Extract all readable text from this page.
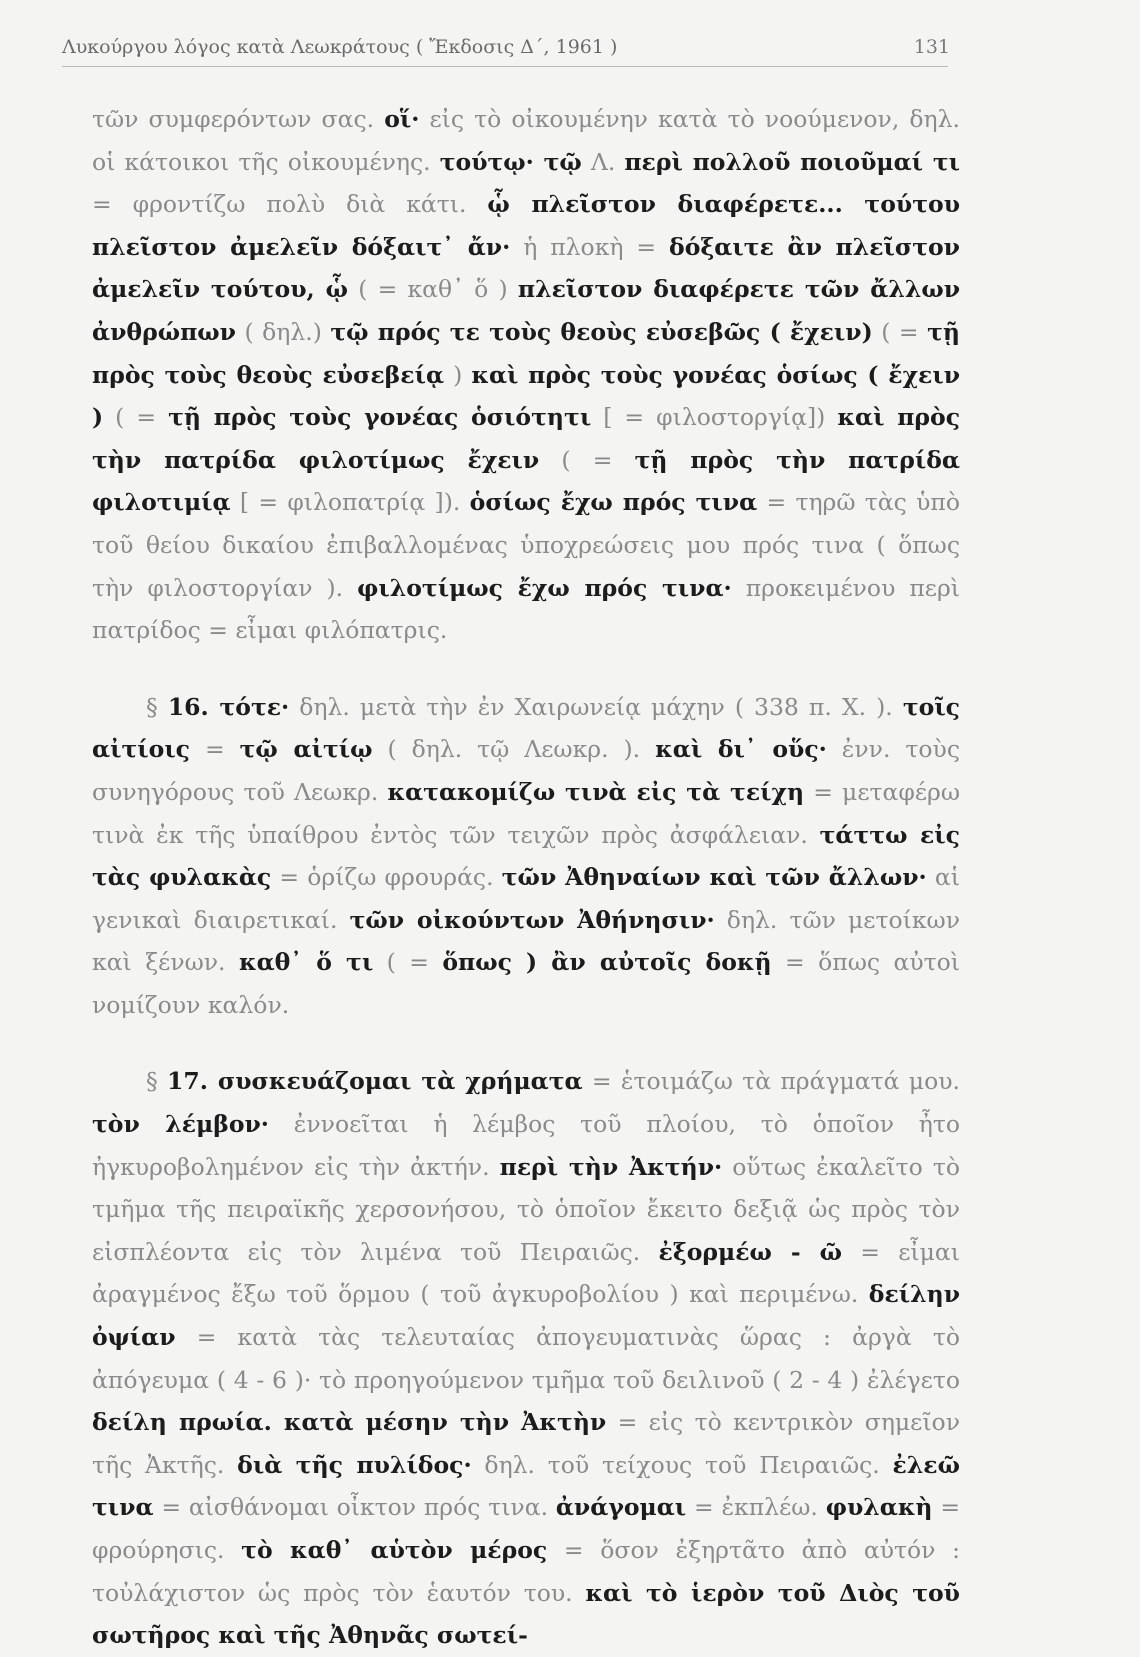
Λυκούργου λόγος κατὰ Λεωκράτους ( Ἔκδοσις Δ΄, 1961 )	131

τῶν συμφερόντων σας. οἵ· εἰς τὸ οἰκουμένην κατὰ τὸ νοούμενον, δηλ. οἱ κάτοικοι τῆς οἰκουμένης. τούτῳ· τῷ Λ. περὶ πολλοῦ ποιοῦμαί τι = φροντίζω πολὺ διὰ κάτι. ᾧ πλεῖστον διαφέρετε... τούτου πλεῖστον ἀμελεῖν δόξαιτ᾽ ἄν· ἡ πλοκὴ = δόξαιτε ἂν πλεῖστον ἀμελεῖν τούτου, ᾧ ( = καθ᾽ ὅ ) πλεῖστον διαφέρετε τῶν ἄλλων ἀνθρώπων ( δηλ.) τῷ πρός τε τοὺς θεοὺς εὐσεβῶς ( ἔχειν) ( = τῇ πρὸς τοὺς θεοὺς εὐσεβείᾳ ) καὶ πρὸς τοὺς γονέας ὁσίως ( ἔχειν ) ( = τῇ πρὸς τοὺς γονέας ὁσιότητι [ = φιλοστοργίᾳ]) καὶ πρὸς τὴν πατρίδα φιλοτίμως ἔχειν ( = τῇ πρὸς τὴν πατρίδα φιλοτιμίᾳ [ = φιλοπατρίᾳ ]). ὁσίως ἔχω πρός τινα = τηρῶ τὰς ὑπὸ τοῦ θείου δικαίου ἐπιβαλλομένας ὑποχρεώσεις μου πρός τινα ( ὅπως τὴν φιλοστοργίαν ). φιλοτίμως ἔχω πρός τινα· προκειμένου περὶ πατρίδος = εἶμαι φιλόπατρις.

§ 16. τότε· δηλ. μετὰ τὴν ἐν Χαιρωνείᾳ μάχην ( 338 π. Χ. ). τοῖς αἰτίοις = τῷ αἰτίῳ ( δηλ. τῷ Λεωκρ. ). καὶ δι᾽ οὕς· ἐνν. τοὺς συνηγόρους τοῦ Λεωκρ. κατακομίζω τινὰ εἰς τὰ τείχη = μεταφέρω τινὰ ἐκ τῆς ὑπαίθρου ἐντὸς τῶν τειχῶν πρὸς ἀσφάλειαν. τάττω εἰς τὰς φυλακὰς = ὁρίζω φρουράς. τῶν Ἀθηναίων καὶ τῶν ἄλλων· αἱ γενικαὶ διαιρετικαί. τῶν οἰκούντων Ἀθήνησιν· δηλ. τῶν μετοίκων καὶ ξένων. καθ᾽ ὅ τι ( = ὅπως ) ἂν αὐτοῖς δοκῇ = ὅπως αὐτοὶ νομίζουν καλόν.

§ 17. συσκευάζομαι τὰ χρήματα = ἑτοιμάζω τὰ πράγματά μου. τὸν λέμβον· ἐννοεῖται ἡ λέμβος τοῦ πλοίου, τὸ ὁποῖον ἦτο ἠγκυροβολημένον εἰς τὴν ἀκτήν. περὶ τὴν Ἀκτήν· οὕτως ἐκαλεῖτο τὸ τμῆμα τῆς πειραϊκῆς χερσονήσου, τὸ ὁποῖον ἔκειτο δεξιᾷ ὡς πρὸς τὸν εἰσπλέοντα εἰς τὸν λιμένα τοῦ Πειραιῶς. ἐξορμέω - ῶ = εἶμαι ἀραγμένος ἔξω τοῦ ὅρμου ( τοῦ ἀγκυροβολίου ) καὶ περιμένω. δείλην ὀψίαν = κατὰ τὰς τελευταίας ἀπογευματινὰς ὥρας : ἀργὰ τὸ ἀπόγευμα ( 4 - 6 )· τὸ προηγούμενον τμῆμα τοῦ δειλινοῦ ( 2 - 4 ) ἐλέγετο δείλη πρωία. κατὰ μέσην τὴν Ἀκτὴν = εἰς τὸ κεντρικὸν σημεῖον τῆς Ἀκτῆς. διὰ τῆς πυλίδος· δηλ. τοῦ τείχους τοῦ Πειραιῶς. ἐλεῶ τινα = αἰσθάνομαι οἶκτον πρός τινα. ἀνάγομαι = ἐκπλέω. φυλακὴ = φρούρησις. τὸ καθ᾽ αὑτὸν μέρος = ὅσον ἐξηρτᾶτο ἀπὸ αὐτόν : τοὐλάχιστον ὡς πρὸς τὸν ἑαυτόν του. καὶ τὸ ἱερὸν τοῦ Διὸς τοῦ σωτῆρος καὶ τῆς Ἀθηνᾶς σωτεί-
